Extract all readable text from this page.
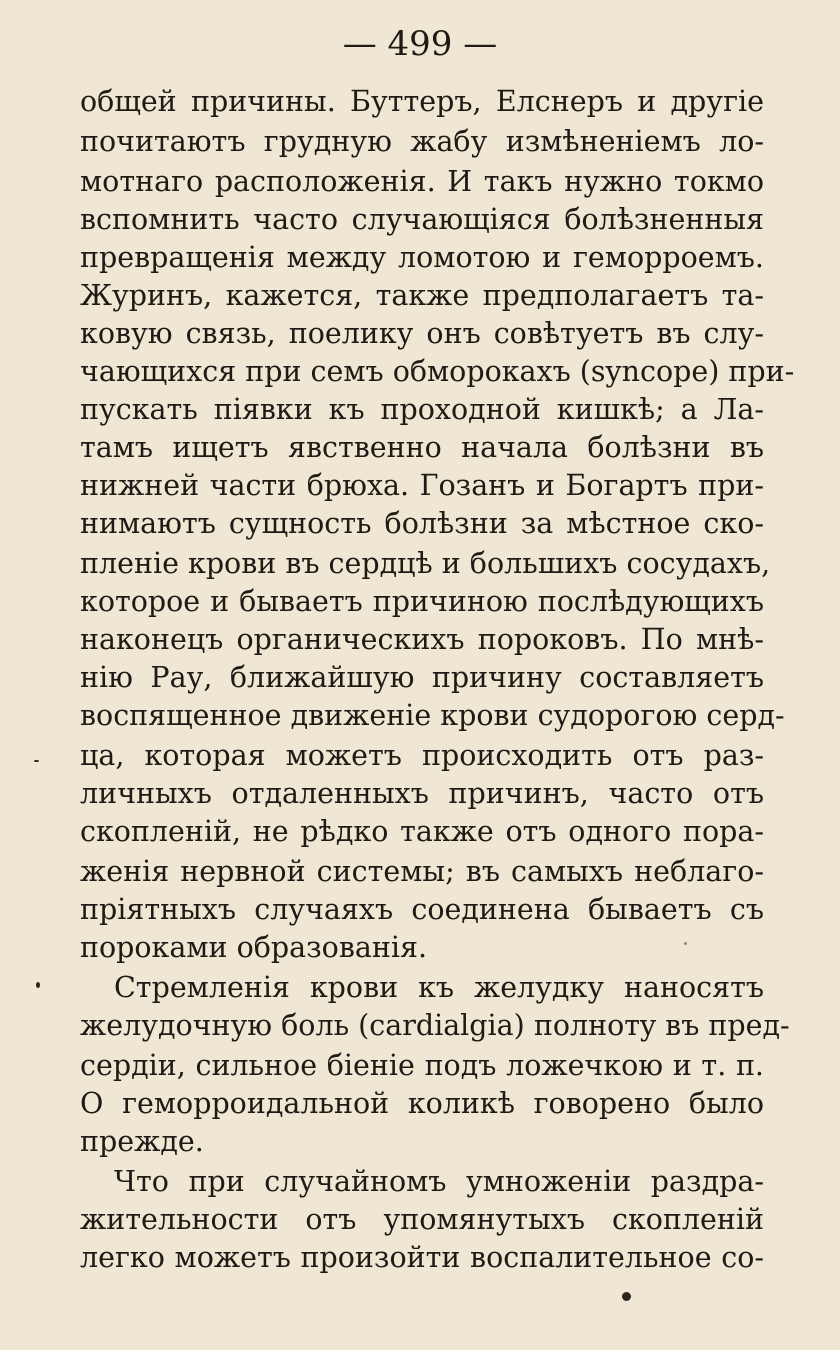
— 499 —
общей причины. Буттеръ, Елснеръ и другіе
почитаютъ грудную жабу измѣненіемъ ло-
мотнаго расположенія. И такъ нужно токмо
вспомнить часто случающіяся болѣзненныя
превращенія между ломотою и геморроемъ.
Журинъ, кажется, также предполагаетъ та-
ковую связь, поелику онъ совѣтуетъ въ слу-
чающихся при семъ обморокахъ (synсоре) при-
пускать піявки къ проходной кишкѣ; а Ла-
тамъ ищетъ явственно начала болѣзни въ
нижней части брюха. Гозанъ и Богартъ при-
нимаютъ сущность болѣзни за мѣстное ско-
пленіе крови въ сердцѣ и большихъ сосудахъ,
которое и бываетъ причиною послѣдующихъ
наконецъ органическихъ пороковъ. По мнѣ-
нію Рау, ближайшую причину составляетъ
воспященное движеніе крови судорогою серд-
ца, которая можетъ происходить отъ раз-
личныхъ отдаленныхъ причинъ, часто отъ
скопленій, не рѣдко также отъ одного пора-
женія нервной системы; въ самыхъ неблаго-
пріятныхъ случаяхъ соединена бываетъ съ
пороками образованія.
Стремленія крови къ желудку наносятъ
желудочную боль (cardialgia) полнотy въ пред-
сердіи, сильное біеніе подъ ложечкою и т. п.
О геморроидальной коликѣ говорено было
прежде.
Что при случайномъ умноженіи раздра-
жительности отъ упомянутыхъ скопленій
легко можетъ произойти воспалительное со-
